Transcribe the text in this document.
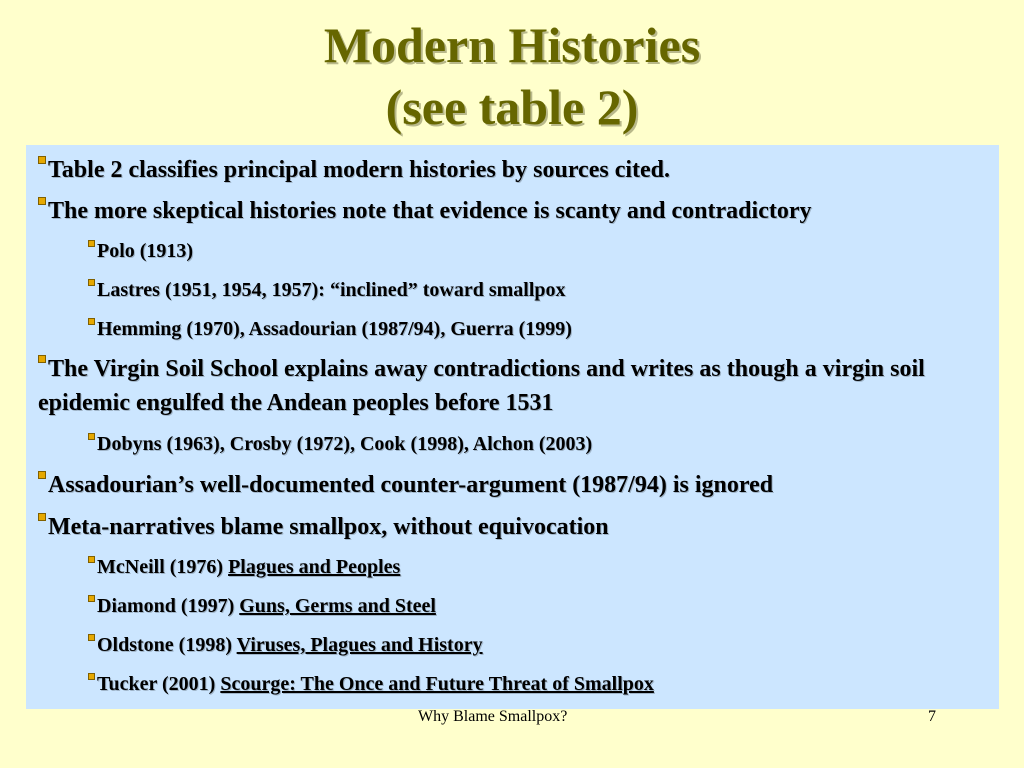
Modern Histories
(see table 2)
Table 2 classifies principal modern histories by sources cited.
The more skeptical histories note that evidence is scanty and contradictory
Polo (1913)
Lastres (1951, 1954, 1957): “inclined” toward smallpox
Hemming (1970), Assadourian (1987/94), Guerra (1999)
The Virgin Soil School explains away contradictions and writes as though a virgin soil epidemic engulfed the Andean peoples before 1531
Dobyns (1963), Crosby (1972), Cook (1998), Alchon (2003)
Assadourian’s well-documented counter-argument (1987/94) is ignored
Meta-narratives blame smallpox, without equivocation
McNeill (1976) Plagues and Peoples
Diamond (1997) Guns, Germs and Steel
Oldstone (1998) Viruses, Plagues and History
Tucker (2001) Scourge: The Once and Future Threat of Smallpox
Why Blame Smallpox?	7
